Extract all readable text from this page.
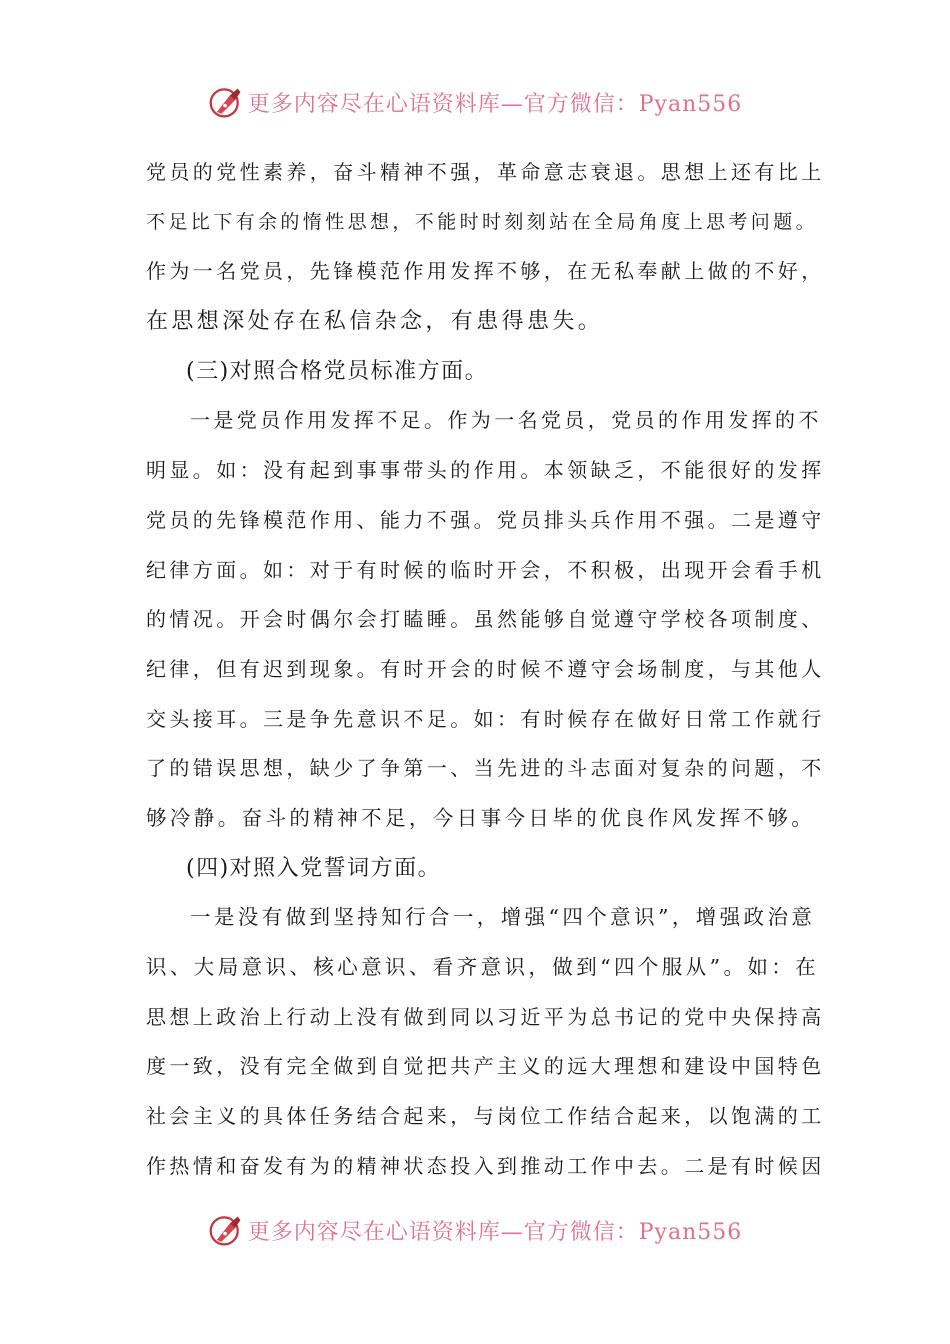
更多内容尽在心语资料库—官方微信：Pyan556
党员的党性素养，奋斗精神不强，革命意志衰退。思想上还有比上
不足比下有余的惰性思想，不能时时刻刻站在全局角度上思考问题。
作为一名党员，先锋模范作用发挥不够，在无私奉献上做的不好，
在思想深处存在私信杂念，有患得患失。
(三)对照合格党员标准方面。
一是党员作用发挥不足。作为一名党员，党员的作用发挥的不
明显。如：没有起到事事带头的作用。本领缺乏，不能很好的发挥
党员的先锋模范作用、能力不强。党员排头兵作用不强。二是遵守
纪律方面。如：对于有时候的临时开会，不积极，出现开会看手机
的情况。开会时偶尔会打瞌睡。虽然能够自觉遵守学校各项制度、
纪律，但有迟到现象。有时开会的时候不遵守会场制度，与其他人
交头接耳。三是争先意识不足。如：有时候存在做好日常工作就行
了的错误思想，缺少了争第一、当先进的斗志面对复杂的问题，不
够冷静。奋斗的精神不足，今日事今日毕的优良作风发挥不够。
(四)对照入党誓词方面。
一是没有做到坚持知行合一，增强“四个意识”，增强政治意
识、大局意识、核心意识、看齐意识，做到“四个服从”。如：在
思想上政治上行动上没有做到同以习近平为总书记的党中央保持高
度一致，没有完全做到自觉把共产主义的远大理想和建设中国特色
社会主义的具体任务结合起来，与岗位工作结合起来，以饱满的工
作热情和奋发有为的精神状态投入到推动工作中去。二是有时候因
更多内容尽在心语资料库—官方微信：Pyan556
